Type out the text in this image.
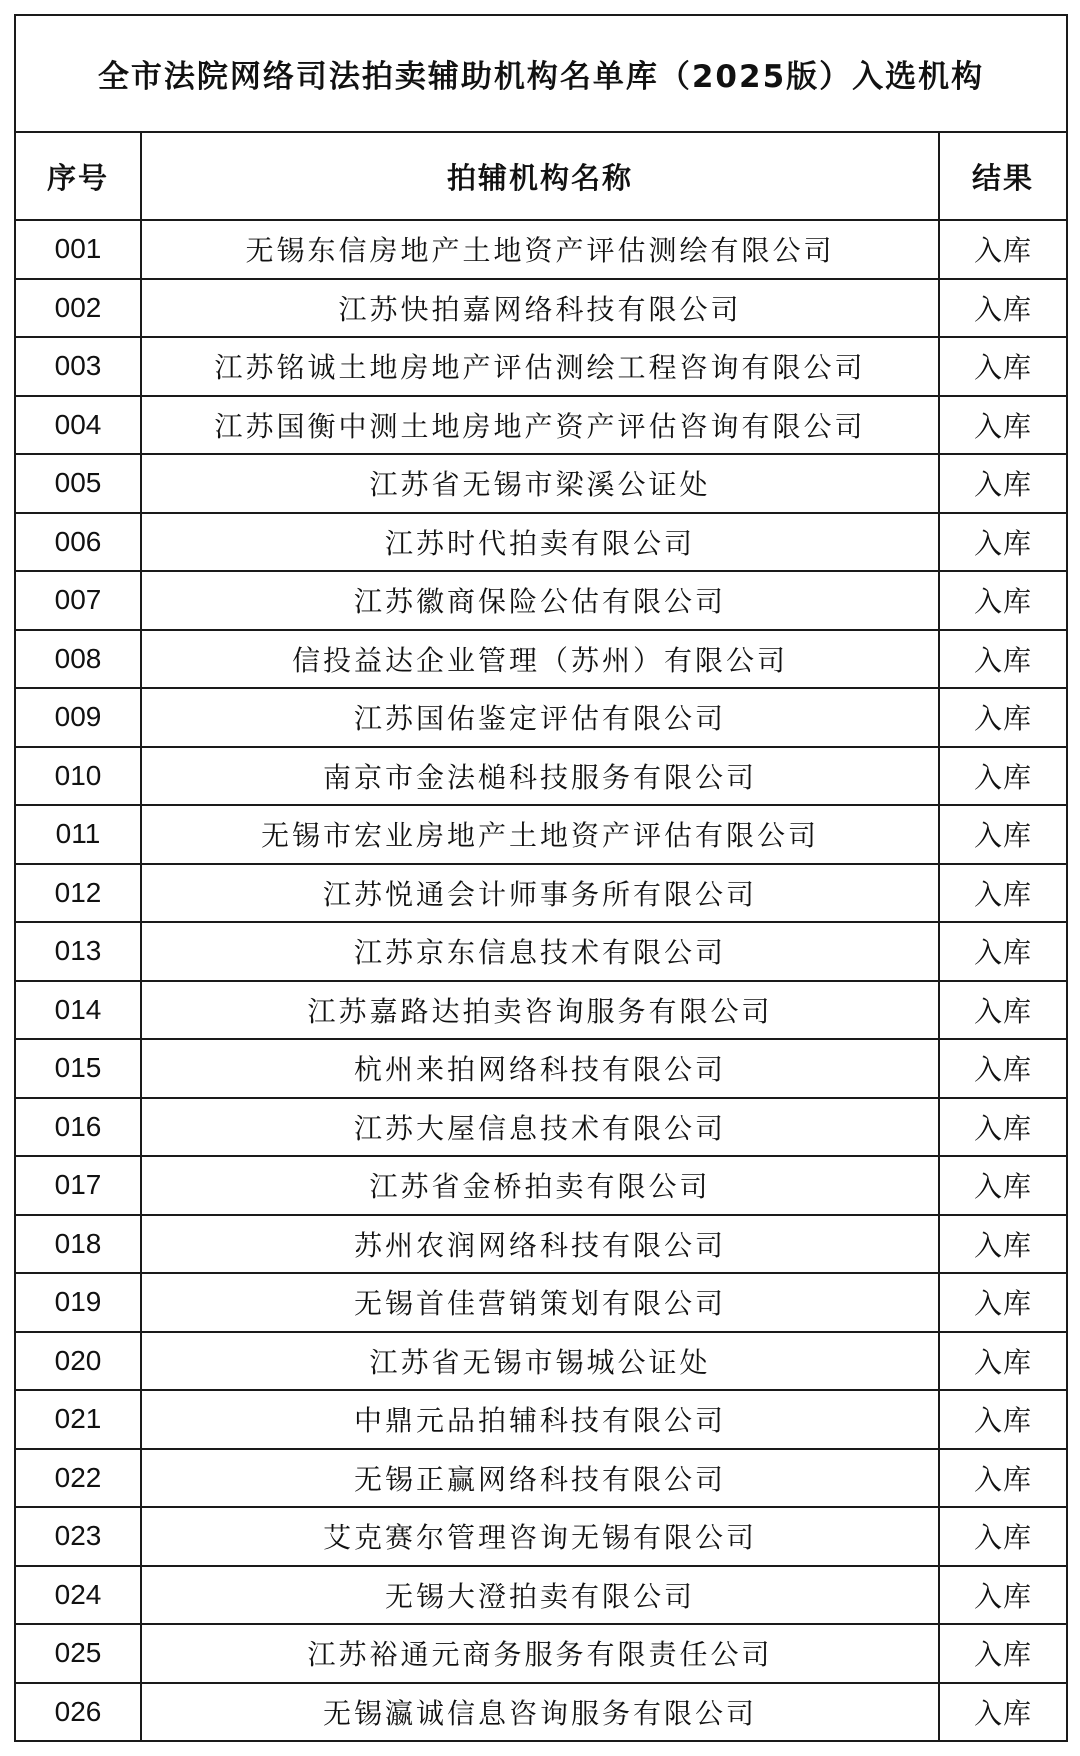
全市法院网络司法拍卖辅助机构名单库（2025版）入选机构		
序号	拍辅机构名称	结果
001	无锡东信房地产土地资产评估测绘有限公司	入库
002	江苏快拍嘉网络科技有限公司	入库
003	江苏铭诚土地房地产评估测绘工程咨询有限公司	入库
004	江苏国衡中测土地房地产资产评估咨询有限公司	入库
005	江苏省无锡市梁溪公证处	入库
006	江苏时代拍卖有限公司	入库
007	江苏徽商保险公估有限公司	入库
008	信投益达企业管理（苏州）有限公司	入库
009	江苏国佑鉴定评估有限公司	入库
010	南京市金法槌科技服务有限公司	入库
011	无锡市宏业房地产土地资产评估有限公司	入库
012	江苏悦通会计师事务所有限公司	入库
013	江苏京东信息技术有限公司	入库
014	江苏嘉路达拍卖咨询服务有限公司	入库
015	杭州来拍网络科技有限公司	入库
016	江苏大屋信息技术有限公司	入库
017	江苏省金桥拍卖有限公司	入库
018	苏州农润网络科技有限公司	入库
019	无锡首佳营销策划有限公司	入库
020	江苏省无锡市锡城公证处	入库
021	中鼎元品拍辅科技有限公司	入库
022	无锡正赢网络科技有限公司	入库
023	艾克赛尔管理咨询无锡有限公司	入库
024	无锡大澄拍卖有限公司	入库
025	江苏裕通元商务服务有限责任公司	入库
026	无锡瀛诚信息咨询服务有限公司	入库
